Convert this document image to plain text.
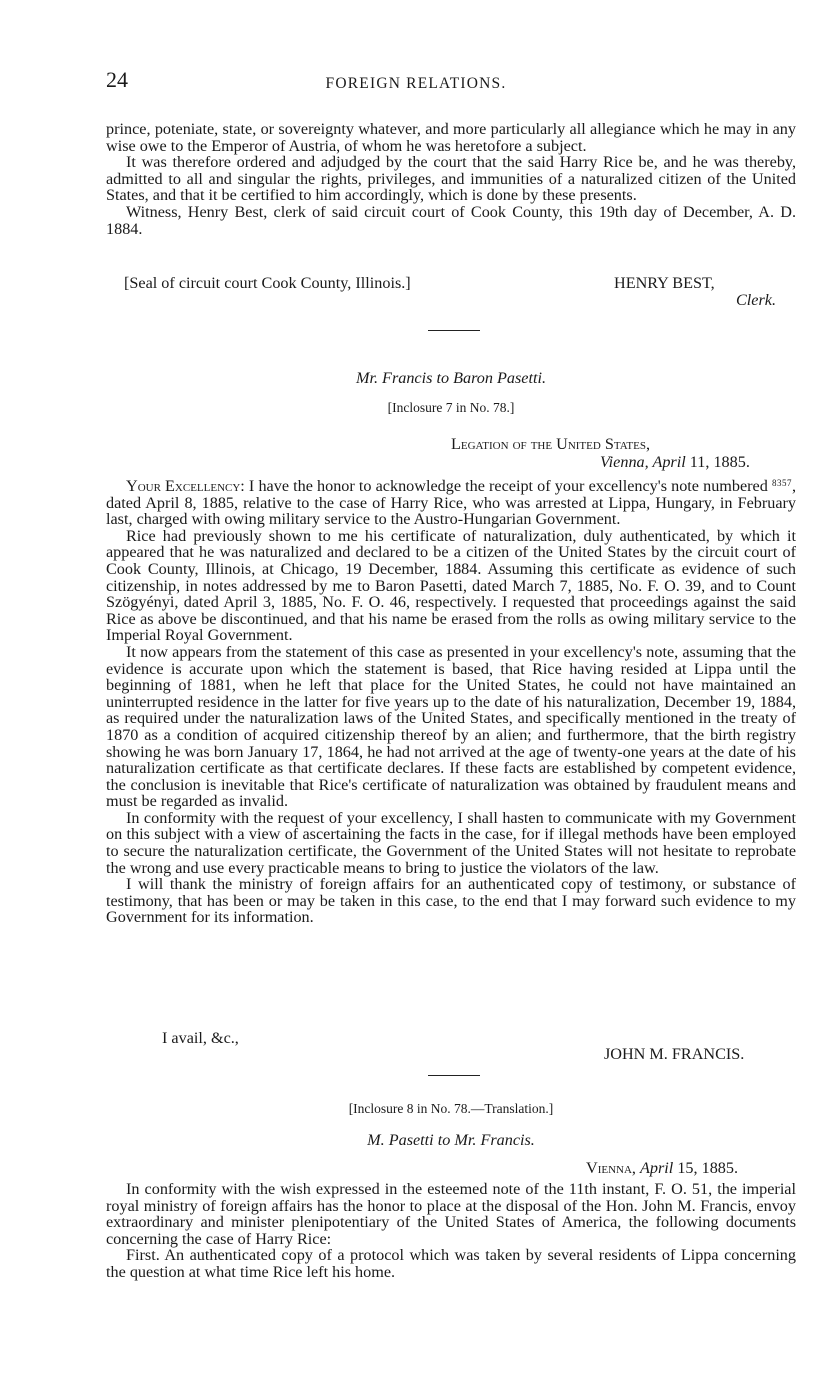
24	FOREIGN RELATIONS.

prince, poteniate, state, or sovereignty whatever, and more particularly all allegiance which he may in any wise owe to the Emperor of Austria, of whom he was heretofore a subject.

It was therefore ordered and adjudged by the court that the said Harry Rice be, and he was thereby, admitted to all and singular the rights, privileges, and immunities of a naturalized citizen of the United States, and that it be certified to him accordingly, which is done by these presents.

Witness, Henry Best, clerk of said circuit court of Cook County, this 19th day of December, A. D. 1884.

[Seal of circuit court Cook County, Illinois.]	HENRY BEST,
Clerk.
Mr. Francis to Baron Pasetti.
[Inclosure 7 in No. 78.]
Legation of the United States,
Vienna, April 11, 1885.

Your Excellency: I have the honor to acknowledge the receipt of your excellency's note numbered $^{8357}$, dated April 8, 1885, relative to the case of Harry Rice, who was arrested at Lippa, Hungary, in February last, charged with owing military service to the Austro-Hungarian Government.

Rice had previously shown to me his certificate of naturalization, duly authenticated, by which it appeared that he was naturalized and declared to be a citizen of the United States by the circuit court of Cook County, Illinois, at Chicago, 19 December, 1884. Assuming this certificate as evidence of such citizenship, in notes addressed by me to Baron Pasetti, dated March 7, 1885, No. F. O. 39, and to Count Szögyényi, dated April 3, 1885, No. F. O. 46, respectively. I requested that proceedings against the said Rice as above be discontinued, and that his name be erased from the rolls as owing military service to the Imperial Royal Government.

It now appears from the statement of this case as presented in your excellency's note, assuming that the evidence is accurate upon which the statement is based, that Rice having resided at Lippa until the beginning of 1881, when he left that place for the United States, he could not have maintained an uninterrupted residence in the latter for five years up to the date of his naturalization, December 19, 1884, as required under the naturalization laws of the United States, and specifically mentioned in the treaty of 1870 as a condition of acquired citizenship thereof by an alien; and furthermore, that the birth registry showing he was born January 17, 1864, he had not arrived at the age of twenty-one years at the date of his naturalization certificate as that certificate declares. If these facts are established by competent evidence, the conclusion is inevitable that Rice's certificate of naturalization was obtained by fraudulent means and must be regarded as invalid.

In conformity with the request of your excellency, I shall hasten to communicate with my Government on this subject with a view of ascertaining the facts in the case, for if illegal methods have been employed to secure the naturalization certificate, the Government of the United States will not hesitate to reprobate the wrong and use every practicable means to bring to justice the violators of the law.

I will thank the ministry of foreign affairs for an authenticated copy of testimony, or substance of testimony, that has been or may be taken in this case, to the end that I may forward such evidence to my Government for its information.

I avail, &c.,
JOHN M. FRANCIS.
[Inclosure 8 in No. 78.—Translation.]
M. Pasetti to Mr. Francis.
Vienna, April 15, 1885.

In conformity with the wish expressed in the esteemed note of the 11th instant, F. O. 51, the imperial royal ministry of foreign affairs has the honor to place at the disposal of the Hon. John M. Francis, envoy extraordinary and minister plenipotentiary of the United States of America, the following documents concerning the case of Harry Rice:

First. An authenticated copy of a protocol which was taken by several residents of Lippa concerning the question at what time Rice left his home.
